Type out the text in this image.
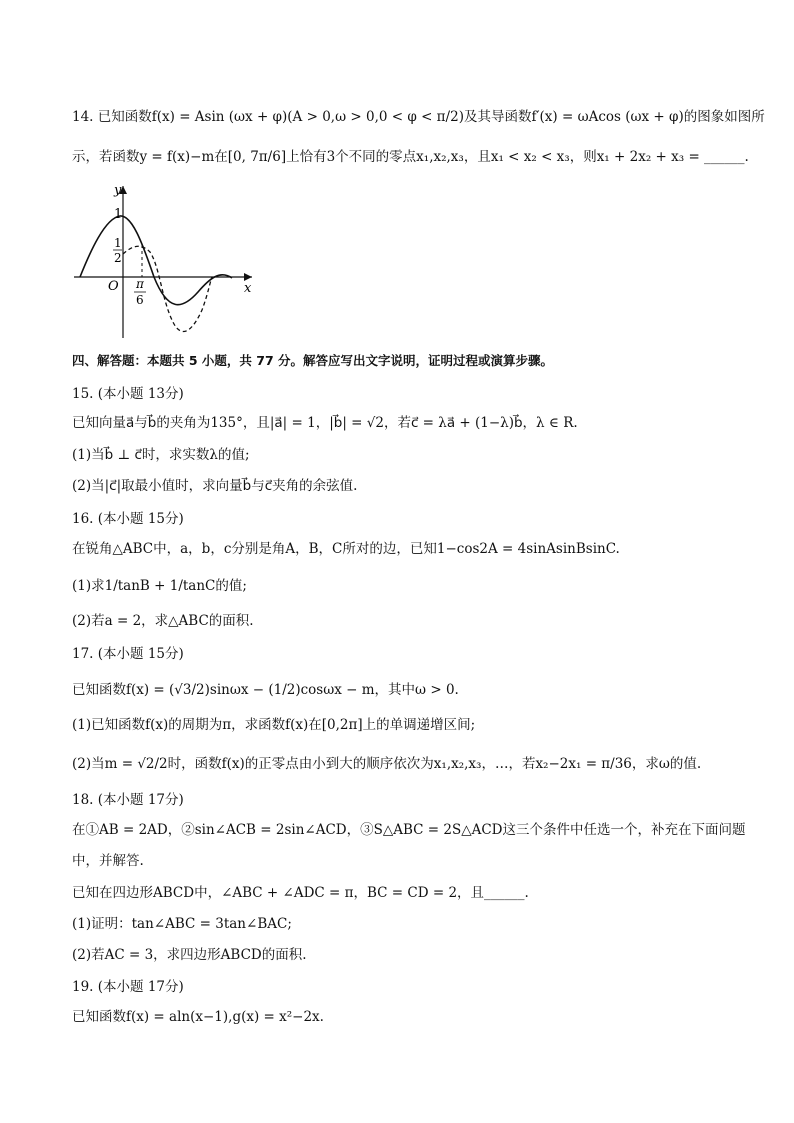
14. 已知函数f(x) = Asin (ωx + φ)(A > 0,ω > 0,0 < φ < π/2)及其导函数f′(x) = ωAcos (ωx + φ)的图象如图所
示，若函数y = f(x)−m在[0, 7π/6]上恰有3个不同的零点x₁,x₂,x₃，且x₁ < x₂ < x₃，则x₁ + 2x₂ + x₃ = ______.
y
x
O
1
1
2
π
6
四、解答题：本题共 5 小题，共 77 分。解答应写出文字说明，证明过程或演算步骤。
15. (本小题 13分)
已知向量a⃗与b⃗的夹角为135°，且|a⃗| = 1，|b⃗| = √2，若c⃗ = λa⃗ + (1−λ)b⃗，λ ∈ R.
(1)当b⃗ ⊥ c⃗时，求实数λ的值;
(2)当|c⃗|取最小值时，求向量b⃗与c⃗夹角的余弦值.
16. (本小题 15分)
在锐角△ABC中，a，b，c分别是角A，B，C所对的边，已知1−cos2A = 4sinAsinBsinC.
(1)求1/tanB + 1/tanC的值;
(2)若a = 2，求△ABC的面积.
17. (本小题 15分)
已知函数f(x) = (√3/2)sinωx − (1/2)cosωx − m，其中ω > 0.
(1)已知函数f(x)的周期为π，求函数f(x)在[0,2π]上的单调递增区间;
(2)当m = √2/2时，函数f(x)的正零点由小到大的顺序依次为x₁,x₂,x₃，…，若x₂−2x₁ = π/36，求ω的值.
18. (本小题 17分)
在①AB = 2AD，②sin∠ACB = 2sin∠ACD，③S△ABC = 2S△ACD这三个条件中任选一个，补充在下面问题
中，并解答.
已知在四边形ABCD中，∠ABC + ∠ADC = π，BC = CD = 2，且______.
(1)证明：tan∠ABC = 3tan∠BAC;
(2)若AC = 3，求四边形ABCD的面积.
19. (本小题 17分)
已知函数f(x) = aln(x−1),g(x) = x²−2x.
